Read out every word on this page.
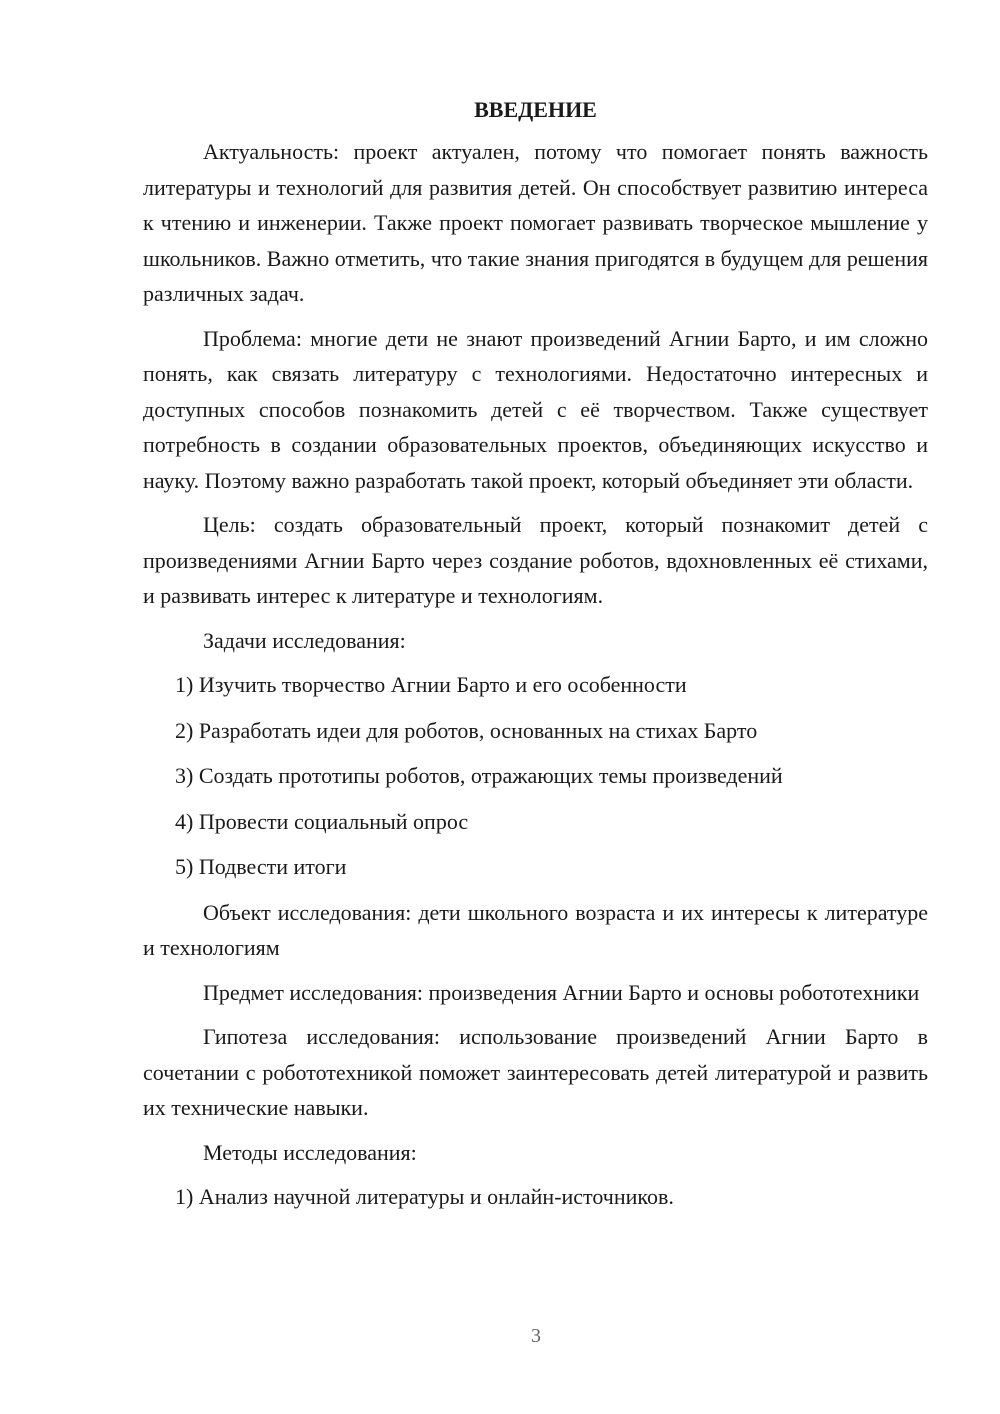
ВВЕДЕНИЕ

Актуальность: проект актуален, потому что помогает понять важность литературы и технологий для развития детей. Он способствует развитию интереса к чтению и инженерии. Также проект помогает развивать творческое мышление у школьников. Важно отметить, что такие знания пригодятся в будущем для решения различных задач.

Проблема: многие дети не знают произведений Агнии Барто, и им сложно понять, как связать литературу с технологиями. Недостаточно интересных и доступных способов познакомить детей с её творчеством. Также существует потребность в создании образовательных проектов, объединяющих искусство и науку. Поэтому важно разработать такой проект, который объединяет эти области.

Цель: создать образовательный проект, который познакомит детей с произведениями Агнии Барто через создание роботов, вдохновленных её стихами, и развивать интерес к литературе и технологиям.

Задачи исследования:
1) Изучить творчество Агнии Барто и его особенности
2) Разработать идеи для роботов, основанных на стихах Барто
3) Создать прототипы роботов, отражающих темы произведений
4) Провести социальный опрос
5) Подвести итоги

Объект исследования: дети школьного возраста и их интересы к литературе и технологиям

Предмет исследования: произведения Агнии Барто и основы робототехники

Гипотеза исследования: использование произведений Агнии Барто в сочетании с робототехникой поможет заинтересовать детей литературой и развить их технические навыки.

Методы исследования:
1) Анализ научной литературы и онлайн-источников.
3
